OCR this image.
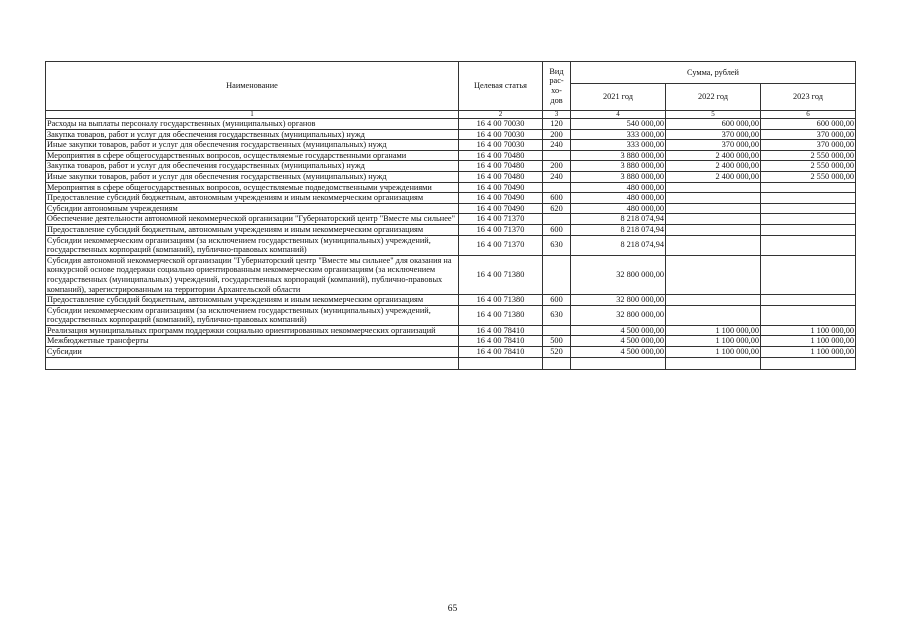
Наименование	Целевая статья	Вид рас-хо-дов	Сумма, рублей		
			2021 год	2022 год	2023 год
1	2	3	4	5	6
Расходы на выплаты персоналу государственных (муниципальных) органов	16 4 00 70030	120	540 000,00	600 000,00	600 000,00
Закупка товаров, работ и услуг для обеспечения государственных (муниципальных) нужд	16 4 00 70030	200	333 000,00	370 000,00	370 000,00
Иные закупки товаров, работ и услуг для обеспечения государственных (муниципальных) нужд	16 4 00 70030	240	333 000,00	370 000,00	370 000,00
Мероприятия в сфере общегосударственных вопросов, осуществляемые государственными органами	16 4 00 70480		3 880 000,00	2 400 000,00	2 550 000,00
Закупка товаров, работ и услуг для обеспечения государственных (муниципальных) нужд	16 4 00 70480	200	3 880 000,00	2 400 000,00	2 550 000,00
Иные закупки товаров, работ и услуг для обеспечения государственных (муниципальных) нужд	16 4 00 70480	240	3 880 000,00	2 400 000,00	2 550 000,00
Мероприятия в сфере общегосударственных вопросов, осуществляемые подведомственными учреждениями	16 4 00 70490		480 000,00		
Предоставление субсидий бюджетным, автономным учреждениям и иным некоммерческим организациям	16 4 00 70490	600	480 000,00		
Субсидии автономным учреждениям	16 4 00 70490	620	480 000,00		
Обеспечение деятельности автономной некоммерческой организации "Губернаторский центр "Вместе мы сильнее"	16 4 00 71370		8 218 074,94		
Предоставление субсидий бюджетным, автономным учреждениям и иным некоммерческим организациям	16 4 00 71370	600	8 218 074,94		
Субсидии некоммерческим организациям (за исключением государственных (муниципальных) учреждений, государственных корпораций (компаний), публично-правовых компаний)	16 4 00 71370	630	8 218 074,94		
Субсидия автономной некоммерческой организации "Губернаторский центр "Вместе мы сильнее" для оказания на конкурсной основе поддержки социально ориентированным некоммерческим организациям (за исключением государственных (муниципальных) учреждений, государственных корпораций (компаний), публично-правовых компаний), зарегистрированным на территории Архангельской области	16 4 00 71380		32 800 000,00		
Предоставление субсидий бюджетным, автономным учреждениям и иным некоммерческим организациям	16 4 00 71380	600	32 800 000,00		
Субсидии некоммерческим организациям (за исключением государственных (муниципальных) учреждений, государственных корпораций (компаний), публично-правовых компаний)	16 4 00 71380	630	32 800 000,00		
Реализация муниципальных программ поддержки социально ориентированных некоммерческих организаций	16 4 00 78410		4 500 000,00	1 100 000,00	1 100 000,00
Межбюджетные трансферты	16 4 00 78410	500	4 500 000,00	1 100 000,00	1 100 000,00
Субсидии	16 4 00 78410	520	4 500 000,00	1 100 000,00	1 100 000,00

65
